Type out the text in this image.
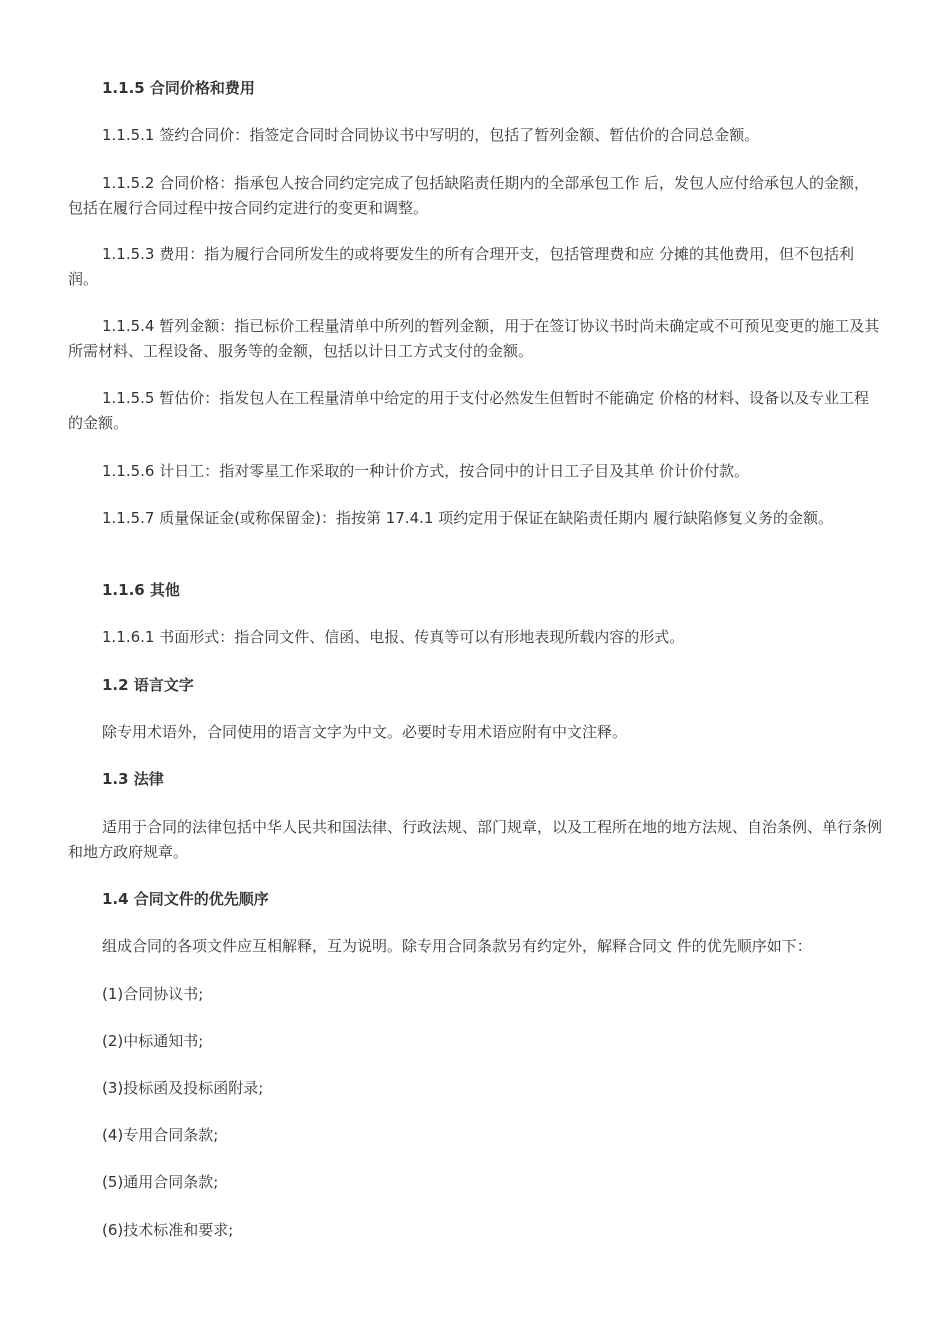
1.1.5 合同价格和费用

1.1.5.1 签约合同价：指签定合同时合同协议书中写明的，包括了暂列金额、暂估价的合同总金额。

1.1.5.2 合同价格：指承包人按合同约定完成了包括缺陷责任期内的全部承包工作 后，发包人应付给承包人的金额，包括在履行合同过程中按合同约定进行的变更和调整。

1.1.5.3 费用：指为履行合同所发生的或将要发生的所有合理开支，包括管理费和应 分摊的其他费用，但不包括利润。

1.1.5.4 暂列金额：指已标价工程量清单中所列的暂列金额，用于在签订协议书时尚未确定或不可预见变更的施工及其所需材料、工程设备、服务等的金额，包括以计日工方式支付的金额。

1.1.5.5 暂估价：指发包人在工程量清单中给定的用于支付必然发生但暂时不能确定 价格的材料、设备以及专业工程的金额。

1.1.5.6 计日工：指对零星工作采取的一种计价方式，按合同中的计日工子目及其单 价计价付款。

1.1.5.7 质量保证金(或称保留金)：指按第 17.4.1 项约定用于保证在缺陷责任期内 履行缺陷修复义务的金额。

1.1.6 其他

1.1.6.1 书面形式：指合同文件、信函、电报、传真等可以有形地表现所载内容的形式。

1.2 语言文字

除专用术语外，合同使用的语言文字为中文。必要时专用术语应附有中文注释。

1.3 法律

适用于合同的法律包括中华人民共和国法律、行政法规、部门规章，以及工程所在地的地方法规、自治条例、单行条例和地方政府规章。

1.4 合同文件的优先顺序

组成合同的各项文件应互相解释，互为说明。除专用合同条款另有约定外，解释合同文 件的优先顺序如下：

(1)合同协议书;

(2)中标通知书;

(3)投标函及投标函附录;

(4)专用合同条款;

(5)通用合同条款;

(6)技术标准和要求;
